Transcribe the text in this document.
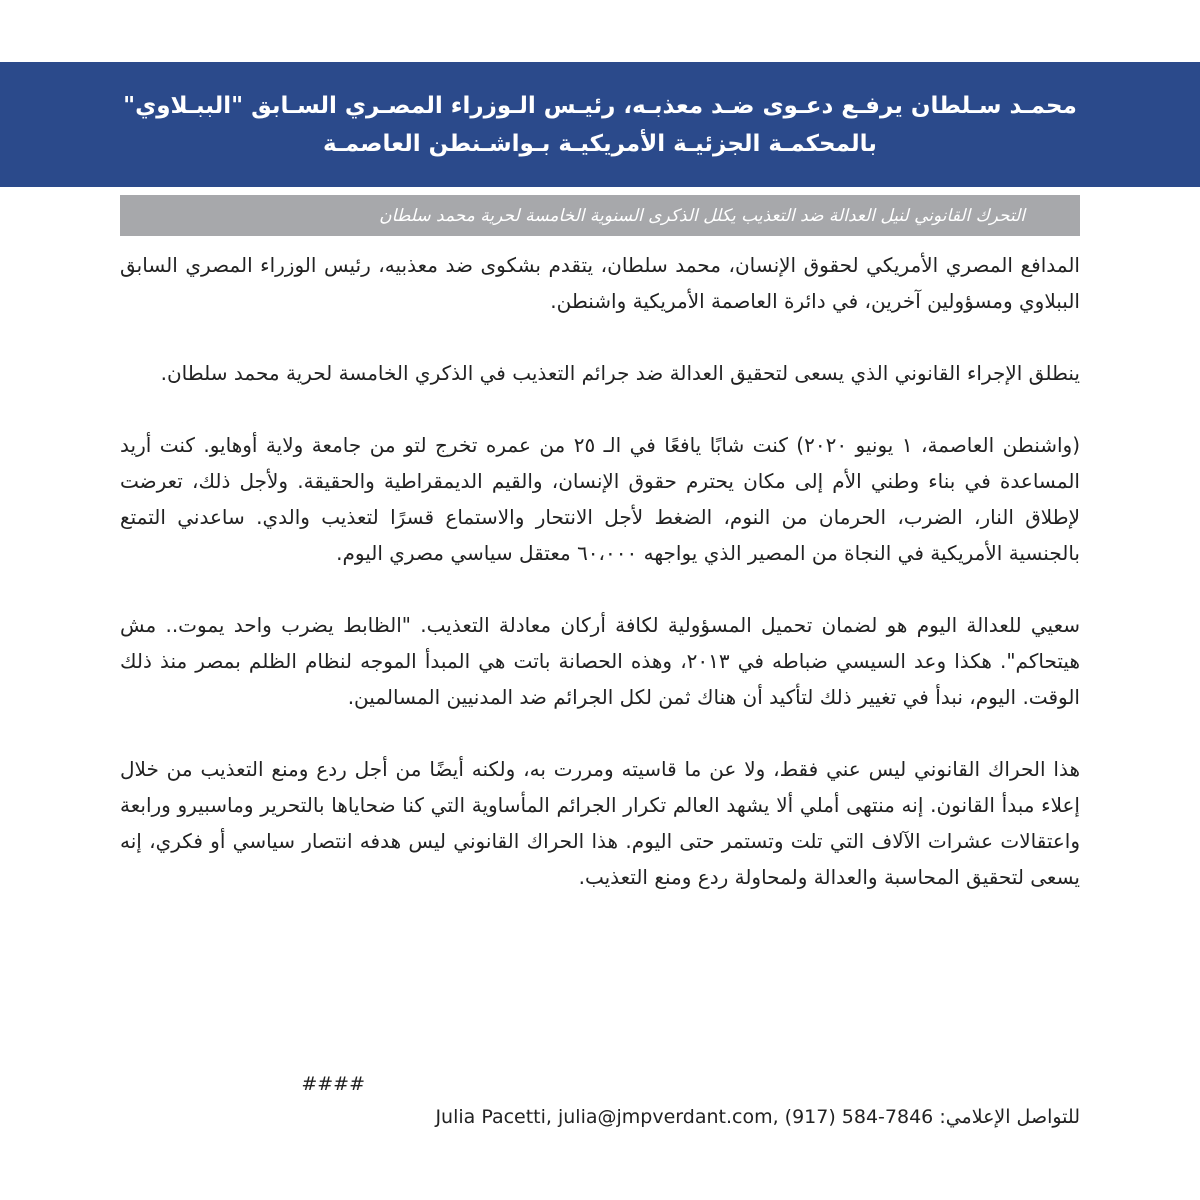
محمـد سـلطان يرفـع دعـوى ضـد معذبـه، رئيـس الـوزراء المصـري السـابق "الببـلاوي" بالمحكمـة الجزئيـة الأمريكيـة بـواشـنطن العاصمـة

التحرك القانوني لنيل العدالة ضد التعذيب يكلل الذكرى السنوية الخامسة لحرية محمد سلطان

المدافع المصري الأمريكي لحقوق الإنسان، محمد سلطان، يتقدم بشكوى ضد معذبيه، رئيس الوزراء المصري السابق الببلاوي ومسؤولين آخرين، في دائرة العاصمة الأمريكية واشنطن.

ينطلق الإجراء القانوني الذي يسعى لتحقيق العدالة ضد جرائم التعذيب في الذكري الخامسة لحرية محمد سلطان.

(واشنطن العاصمة، ١ يونيو ٢٠٢٠) كنت شابًا يافعًا في الـ ٢٥ من عمره تخرج لتو من جامعة ولاية أوهايو. كنت أريد المساعدة في بناء وطني الأم إلى مكان يحترم حقوق الإنسان، والقيم الديمقراطية والحقيقة. ولأجل ذلك، تعرضت لإطلاق النار، الضرب، الحرمان من النوم، الضغط لأجل الانتحار والاستماع قسرًا لتعذيب والدي. ساعدني التمتع بالجنسية الأمريكية في النجاة من المصير الذي يواجهه ٦٠،٠٠٠ معتقل سياسي مصري اليوم.

سعيي للعدالة اليوم هو لضمان تحميل المسؤولية لكافة أركان معادلة التعذيب. "الظابط يضرب واحد يموت.. مش هيتحاكم". هكذا وعد السيسي ضباطه في ٢٠١٣، وهذه الحصانة باتت هي المبدأ الموجه لنظام الظلم بمصر منذ ذلك الوقت. اليوم، نبدأ في تغيير ذلك لتأكيد أن هناك ثمن لكل الجرائم ضد المدنيين المسالمين.

هذا الحراك القانوني ليس عني فقط، ولا عن ما قاسيته ومررت به، ولكنه أيضًا من أجل ردع ومنع التعذيب من خلال إعلاء مبدأ القانون. إنه منتهى أملي ألا يشهد العالم تكرار الجرائم المأساوية التي كنا ضحاياها بالتحرير وماسبيرو ورابعة واعتقالات عشرات الآلاف التي تلت وتستمر حتى اليوم. هذا الحراك القانوني ليس هدفه انتصار سياسي أو فكري، إنه يسعى لتحقيق المحاسبة والعدالة ولمحاولة ردع ومنع التعذيب.

####
للتواصل الإعلامي: Julia Pacetti, julia@jmpverdant.com, (917) 584-7846
